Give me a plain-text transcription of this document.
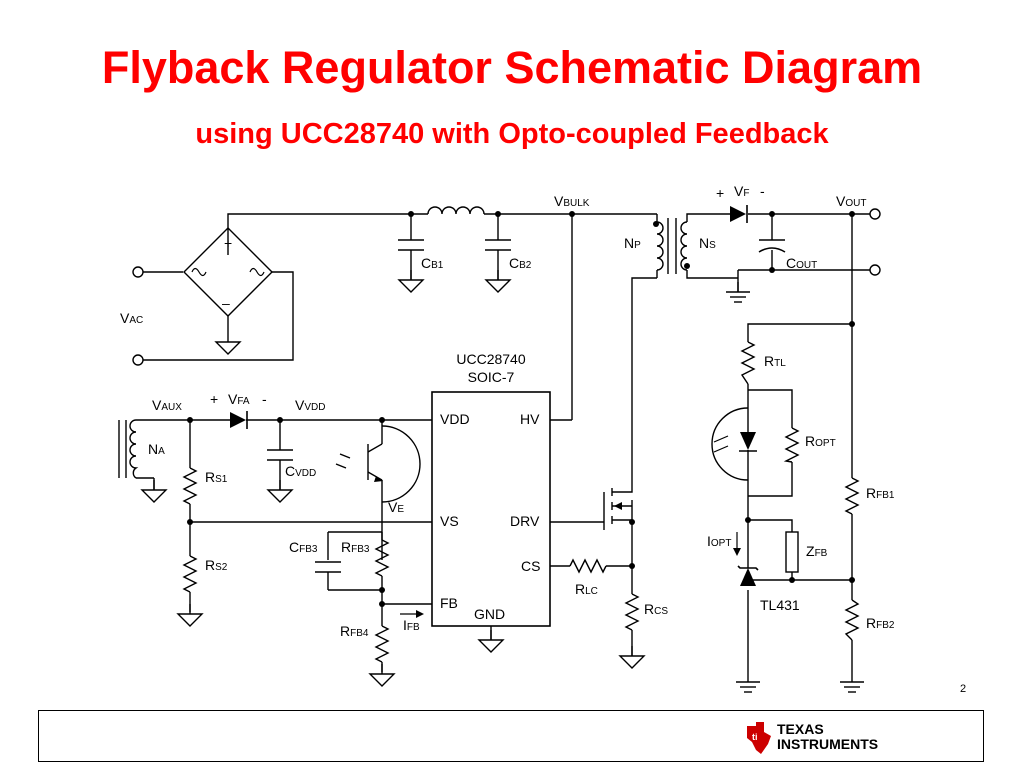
Flyback Regulator Schematic Diagram
using UCC28740 with Opto-coupled Feedback
+
–
VBULK	VOUT
+ VF -
CB1	CB2
NP	NS
COUT
VAC
VAUX
+ VFA - VVDD
NA
RS1
RS2
CVDD
VE
CFB3 RFB3
RFB4
IFB
RLC
RCS
RTL
ROPT
RFB1
IOPT	ZFB
TL431
RFB2
UCC28740
SOIC-7
VDD	HV
VS	DRV
CS
FB
GND
2
ti TEXAS
INSTRUMENTS
